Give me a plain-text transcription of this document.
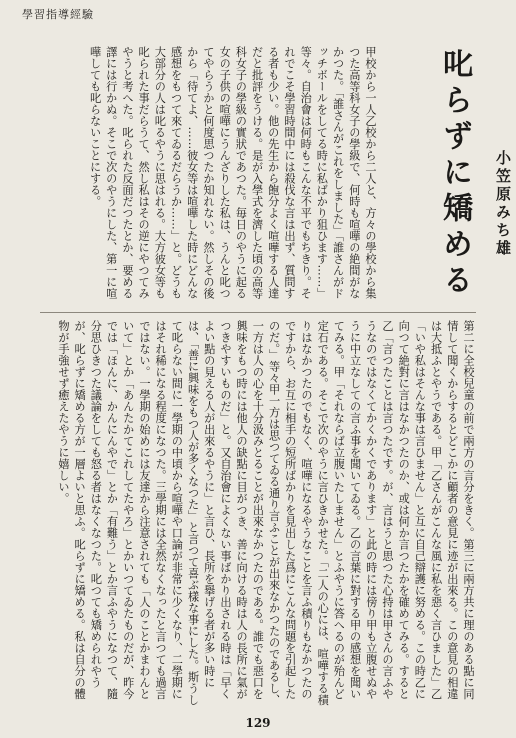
學習指導經驗
叱らずに矯める 小笠原みち雄

甲校から一人乙校から二人と、方々の學校から集つた高等科女子の學級で、何時も喧嘩の絶間がなかつた。「誰さんがこれをしました」「誰さんがドッチボールをしてる時に私ばかり狙ひます……」等々。自治會は何時もこんな不平でもちきり。それでこそ學習時間中には殺伐な言は出ず、質問する者も少い。他の先生から飽分よく喧嘩する人達だと批評をうける。是が入學式を濟した頃の高等科女子の學級の實狀であつた。毎日のやうに起る女の子供の喧嘩にうんざりした私は、うんと叱つてやらうかと何度思つたか知れない。然しその後から「待てよ、……彼女等は喧嘩した時にどんな感想をもつて來てゐるだらうか……」と。どうも大部分の人は叱るやうに思はれる。大方彼女等も叱られた事だらうて、然し私はその逆にやつてみやうと考へた。叱られた反面だつたとか、要める譯には行かぬ。そこで次のやうにした、第一に喧嘩しても叱らないことにする。

第二に全校兒童の前で兩方の言分をきく。第三に兩方共に理のある點に同情して聞くからするとどこかに顧者の意見に迹が出來る。この意見の相違は大抵ふとやうである。甲「乙さんがこんな風に私を惡く言ひました」乙「いや私はそんな事は言ひません」と互に自己辯護に努める。この時乙に向つて絶對に言はなかつたのか、或は何か言つたかを確めてみる。すると乙「言つたことは言つたです。が、言はうと思つた心持は甲さんの言ふやうなのではなくてかくかくであります」と此の時には傍り甲も立腹せぬやうに中立なしての言ふ事を聞いてゐる。乙の言葉に對する甲の感想を聞いてみる。甲「それならば立腹いたしません」とふやうに答へるのが殆んど定石である。そこで次のやうに言ひきかせた。「二人の心には、喧嘩する積りはなかつたのでもなく、喧嘩になるやうなことを言ふ積りもなかつたのですから、お互に相手の短所ばかりを見出した爲にこんな問題を引起したのだ。」等々甲一方は思つてゐる通り言ふことが出來なかつたのであるし、一方は人の心を十分汲みとることが出來なかつたのである。誰でも惡口を興味をもつ時には他人の缺點に目がつき、善に向ける時は人の長所に氣がつきやすいものだ」と。又自治會によくない事ばかり出される時は「早くよい點の見える人が出來るやうに」と言ひ、長所を擧げる者が多い時には、「善に興味をもつ人が多くなつた」と言つて喜ぶ樣な事にした。斯うして叱らない間に一學期の中頃から喧嘩や口論が非常に少くなり、二學期にはそれ稀になる程度になつた。三學期には全然なくなったと言つても過言ではない。一學期の始めには友達から注意されても「人のことかまわんといて」とか「あんたかてこれしてたやろ」とかいつてゐたものだが、昨今では「ほんに、かんにんやで」とか「有難う」とか言ふやうになつて、隨分思ひきつた議論をしても怒る者はなくなつた。叱つても矯められやうが、叱らずに矯める方が一層よいと思ふ。叱らずに矯める。私は自分の體物が手強せず癒えたやうに嬉しい。

129
